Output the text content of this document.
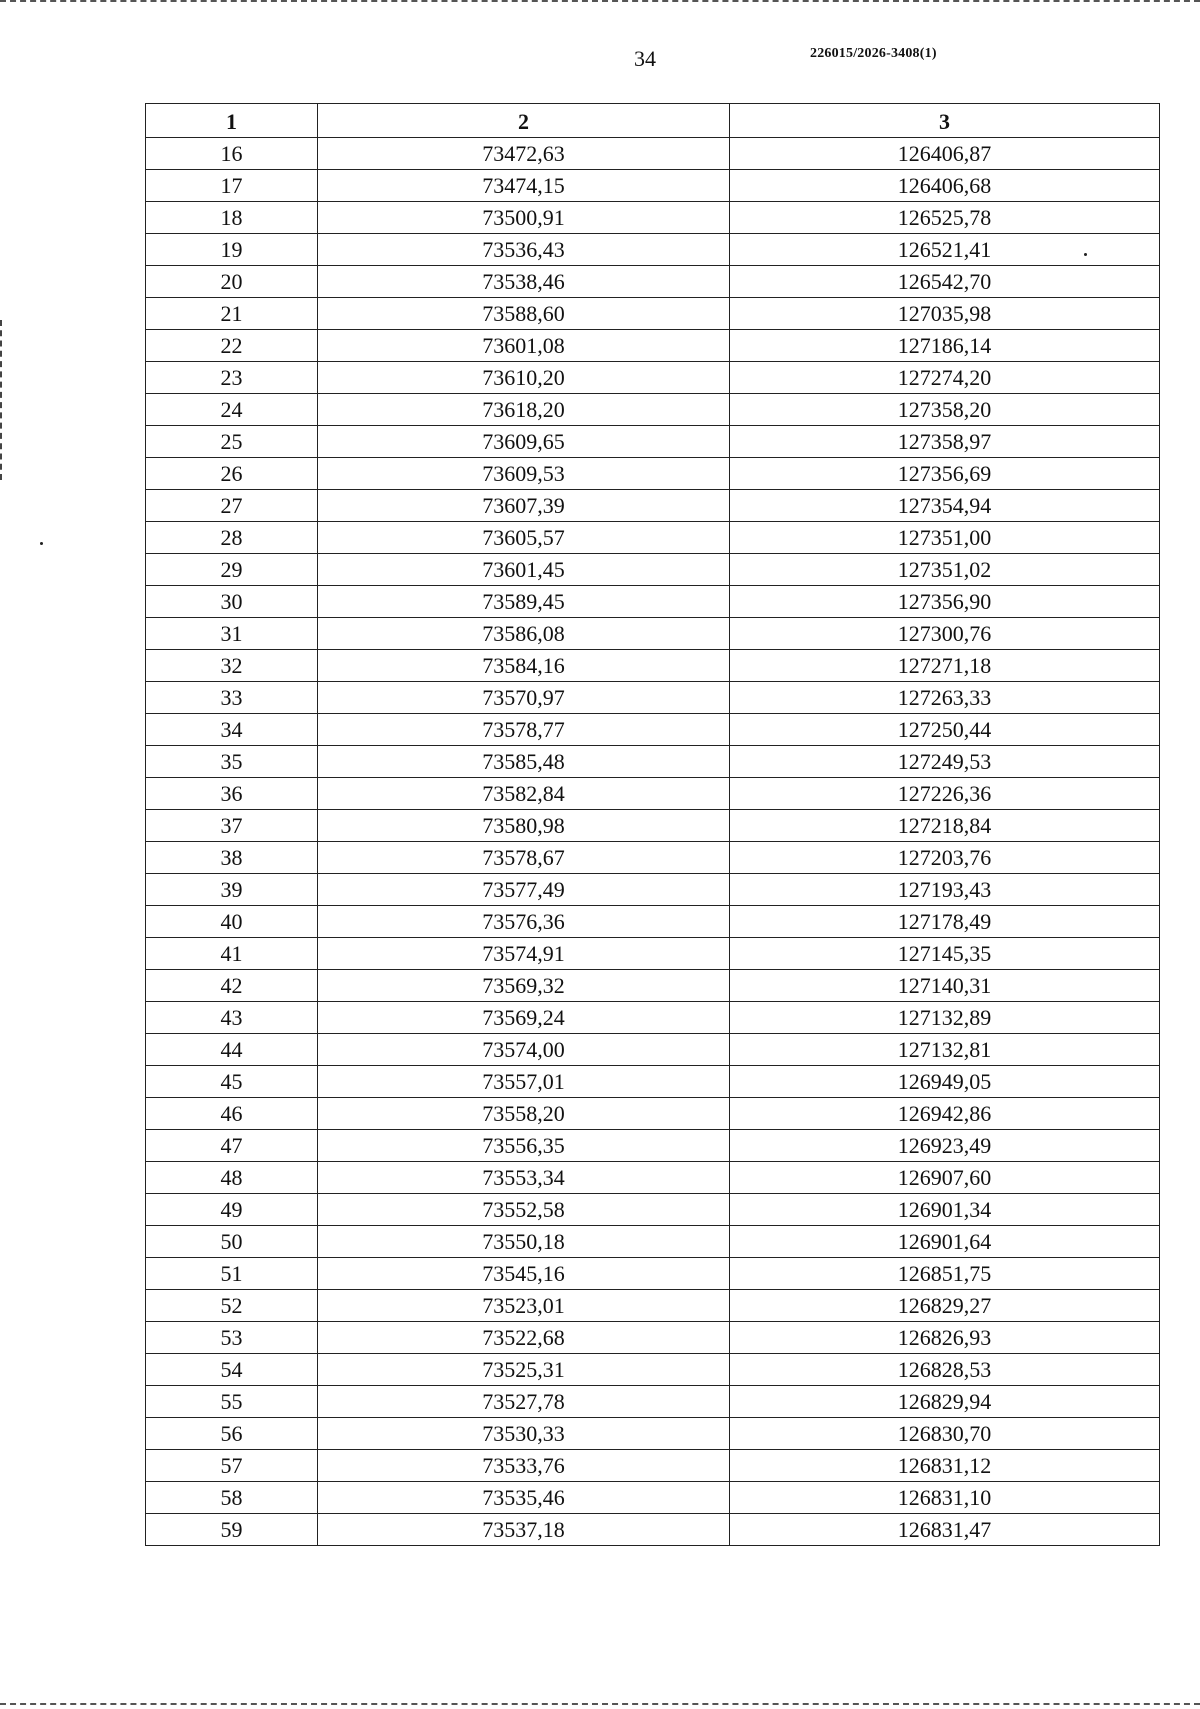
34	226015/2026-3408(1)
1	2	3
16	73472,63	126406,87
17	73474,15	126406,68
18	73500,91	126525,78
19	73536,43	126521,41
20	73538,46	126542,70
21	73588,60	127035,98
22	73601,08	127186,14
23	73610,20	127274,20
24	73618,20	127358,20
25	73609,65	127358,97
26	73609,53	127356,69
27	73607,39	127354,94
28	73605,57	127351,00
29	73601,45	127351,02
30	73589,45	127356,90
31	73586,08	127300,76
32	73584,16	127271,18
33	73570,97	127263,33
34	73578,77	127250,44
35	73585,48	127249,53
36	73582,84	127226,36
37	73580,98	127218,84
38	73578,67	127203,76
39	73577,49	127193,43
40	73576,36	127178,49
41	73574,91	127145,35
42	73569,32	127140,31
43	73569,24	127132,89
44	73574,00	127132,81
45	73557,01	126949,05
46	73558,20	126942,86
47	73556,35	126923,49
48	73553,34	126907,60
49	73552,58	126901,34
50	73550,18	126901,64
51	73545,16	126851,75
52	73523,01	126829,27
53	73522,68	126826,93
54	73525,31	126828,53
55	73527,78	126829,94
56	73530,33	126830,70
57	73533,76	126831,12
58	73535,46	126831,10
59	73537,18	126831,47
